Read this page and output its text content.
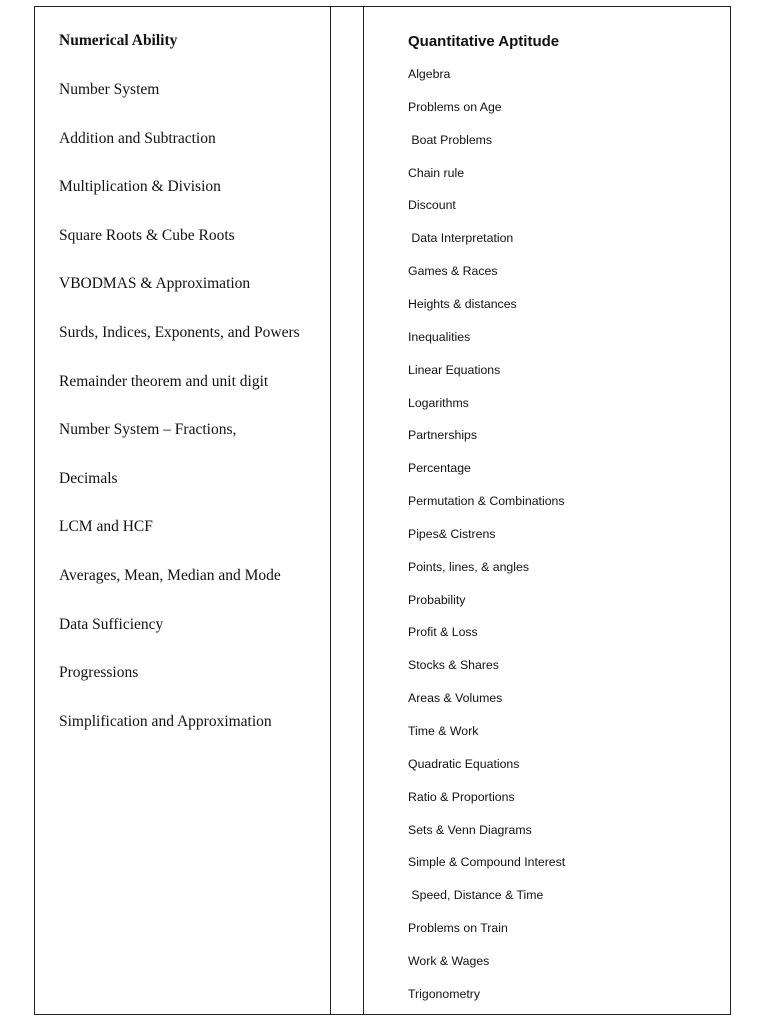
Numerical Ability
Number System
Addition and Subtraction
Multiplication & Division
Square Roots & Cube Roots
VBODMAS & Approximation
Surds, Indices, Exponents, and Powers
Remainder theorem and unit digit
Number System – Fractions,
Decimals
LCM and HCF
Averages, Mean, Median and Mode
Data Sufficiency
Progressions
Simplification and Approximation
Quantitative Aptitude
Algebra
Problems on Age
Boat Problems
Chain rule
Discount
Data Interpretation
Games & Races
Heights & distances
Inequalities
Linear Equations
Logarithms
Partnerships
Percentage
Permutation & Combinations
Pipes& Cistrens
Points, lines, & angles
Probability
Profit & Loss
Stocks & Shares
Areas & Volumes
Time & Work
Quadratic Equations
Ratio & Proportions
Sets & Venn Diagrams
Simple & Compound Interest
Speed, Distance & Time
Problems on Train
Work & Wages
Trigonometry
